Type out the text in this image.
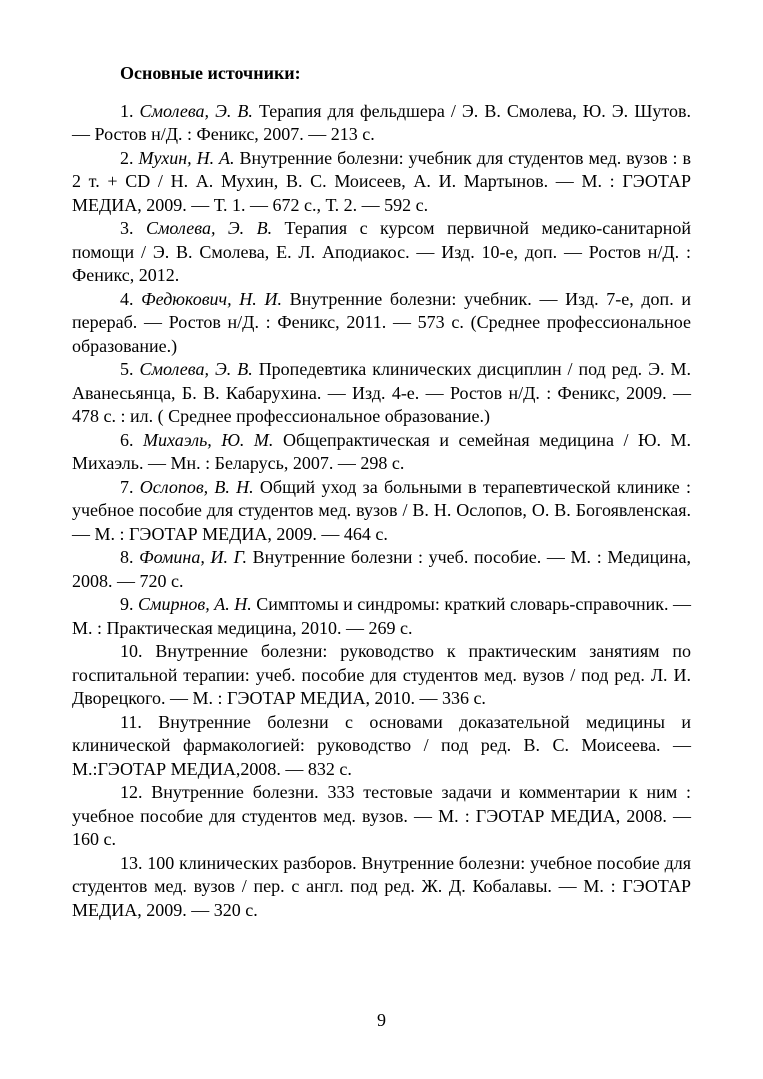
Основные источники:

1. Смолева, Э. В. Терапия для фельдшера / Э. В. Смолева, Ю. Э. Шутов. — Ростов н/Д. : Феникс, 2007. — 213 с.

2. Мухин, Н. А. Внутренние болезни: учебник для студентов мед. вузов : в 2 т. + CD / Н. А. Мухин, В. С. Моисеев, А. И. Мартынов. — М. : ГЭОТАР МЕДИА, 2009. — Т. 1. — 672 с., Т. 2. — 592 с.

3. Смолева, Э. В. Терапия с курсом первичной медико-санитарной помощи / Э. В. Смолева, Е. Л. Аподиакос. — Изд. 10-е, доп. — Ростов н/Д. : Феникс, 2012.

4. Федюкович, Н. И. Внутренние болезни: учебник. — Изд. 7-е, доп. и перераб. — Ростов н/Д. : Феникс, 2011. — 573 с. (Среднее профессиональное образование.)

5. Смолева, Э. В. Пропедевтика клинических дисциплин / под ред. Э. М. Аванесьянца, Б. В. Кабарухина. — Изд. 4-е. — Ростов н/Д. : Феникс, 2009. — 478 с. : ил. ( Среднее профессиональное образование.)

6. Михаэль, Ю. М. Общепрактическая и семейная медицина / Ю. М. Михаэль. — Мн. : Беларусь, 2007. — 298 с.

7. Ослопов, В. Н. Общий уход за больными в терапевтической клинике : учебное пособие для студентов мед. вузов / В. Н. Ослопов, О. В. Богоявленская. — М. : ГЭОТАР МЕДИА, 2009. — 464 с.

8. Фомина, И. Г. Внутренние болезни : учеб. пособие. — М. : Медицина, 2008. — 720 с.

9. Смирнов, А. Н. Симптомы и синдромы: краткий словарь-справочник. — М. : Практическая медицина, 2010. — 269 с.

10. Внутренние болезни: руководство к практическим занятиям по госпитальной терапии: учеб. пособие для студентов мед. вузов / под ред. Л. И. Дворецкого. — М. : ГЭОТАР МЕДИА, 2010. — 336 с.

11. Внутренние болезни с основами доказательной медицины и клинической фармакологией: руководство / под ред. В. С. Моисеева. — М.:ГЭОТАР МЕДИА,2008. — 832 с.

12. Внутренние болезни. 333 тестовые задачи и комментарии к ним : учебное пособие для студентов мед. вузов. — М. : ГЭОТАР МЕДИА, 2008. — 160 с.

13. 100 клинических разборов. Внутренние болезни: учебное пособие для студентов мед. вузов / пер. с англ. под ред. Ж. Д. Кобалавы. — М. : ГЭОТАР МЕДИА, 2009. — 320 с.

9
